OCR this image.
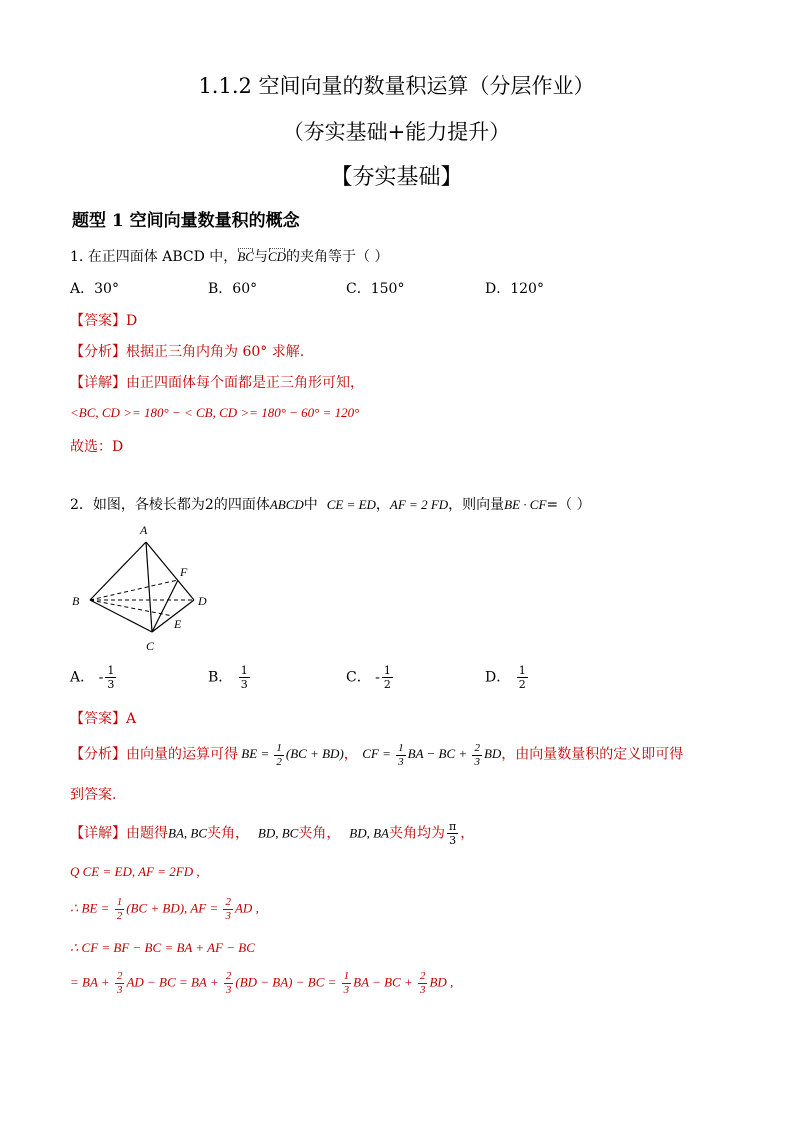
1.1.2 空间向量的数量积运算（分层作业）
（夯实基础+能力提升）
【夯实基础】
题型 1 空间向量数量积的概念
1. 在正四面体 ABCD 中，BC与CD的夹角等于（ ）
A．30°	B．60°	C．150°	D．120°
【答案】D
【分析】根据正三角内角为 60° 求解.
【详解】由正四面体每个面都是正三角形可知，
<BC, CD >= 180° − < CB, CD >= 180° − 60° = 120°
故选：D
2．如图，各棱长都为2的四面体ABCD中 CE = ED，AF = 2 FD，则向量BE · CF=（ ）
A
B
C
D
E
F
A． - $\frac{1}{3}$	B． $\frac{1}{3}$	C． - $\frac{1}{2}$	D． $\frac{1}{2}$
【答案】A
【分析】由向量的运算可得 BE = $\frac{1}{2} (BC + BD)$， CF = $\frac{1}{3}$ BA − BC + $\frac{2}{3}$ BD，由向量数量积的定义即可得
到答案.
【详解】由题得BA, BC夹角， BD, BC夹角， BD, BA夹角均为 $\frac{\pi}{3}$ ，
Q CE = ED, AF = 2FD ,
∴ BE = $\frac{1}{2} (BC + BD)$, AF = $\frac{2}{3}$ AD ,
∴ CF = BF − BC = BA + AF − BC
= BA + $\frac{2}{3}$ AD − BC = BA + $\frac{2}{3} (BD - BA)$ − BC = $\frac{1}{3}$ BA − BC + $\frac{2}{3}$ BD ,
